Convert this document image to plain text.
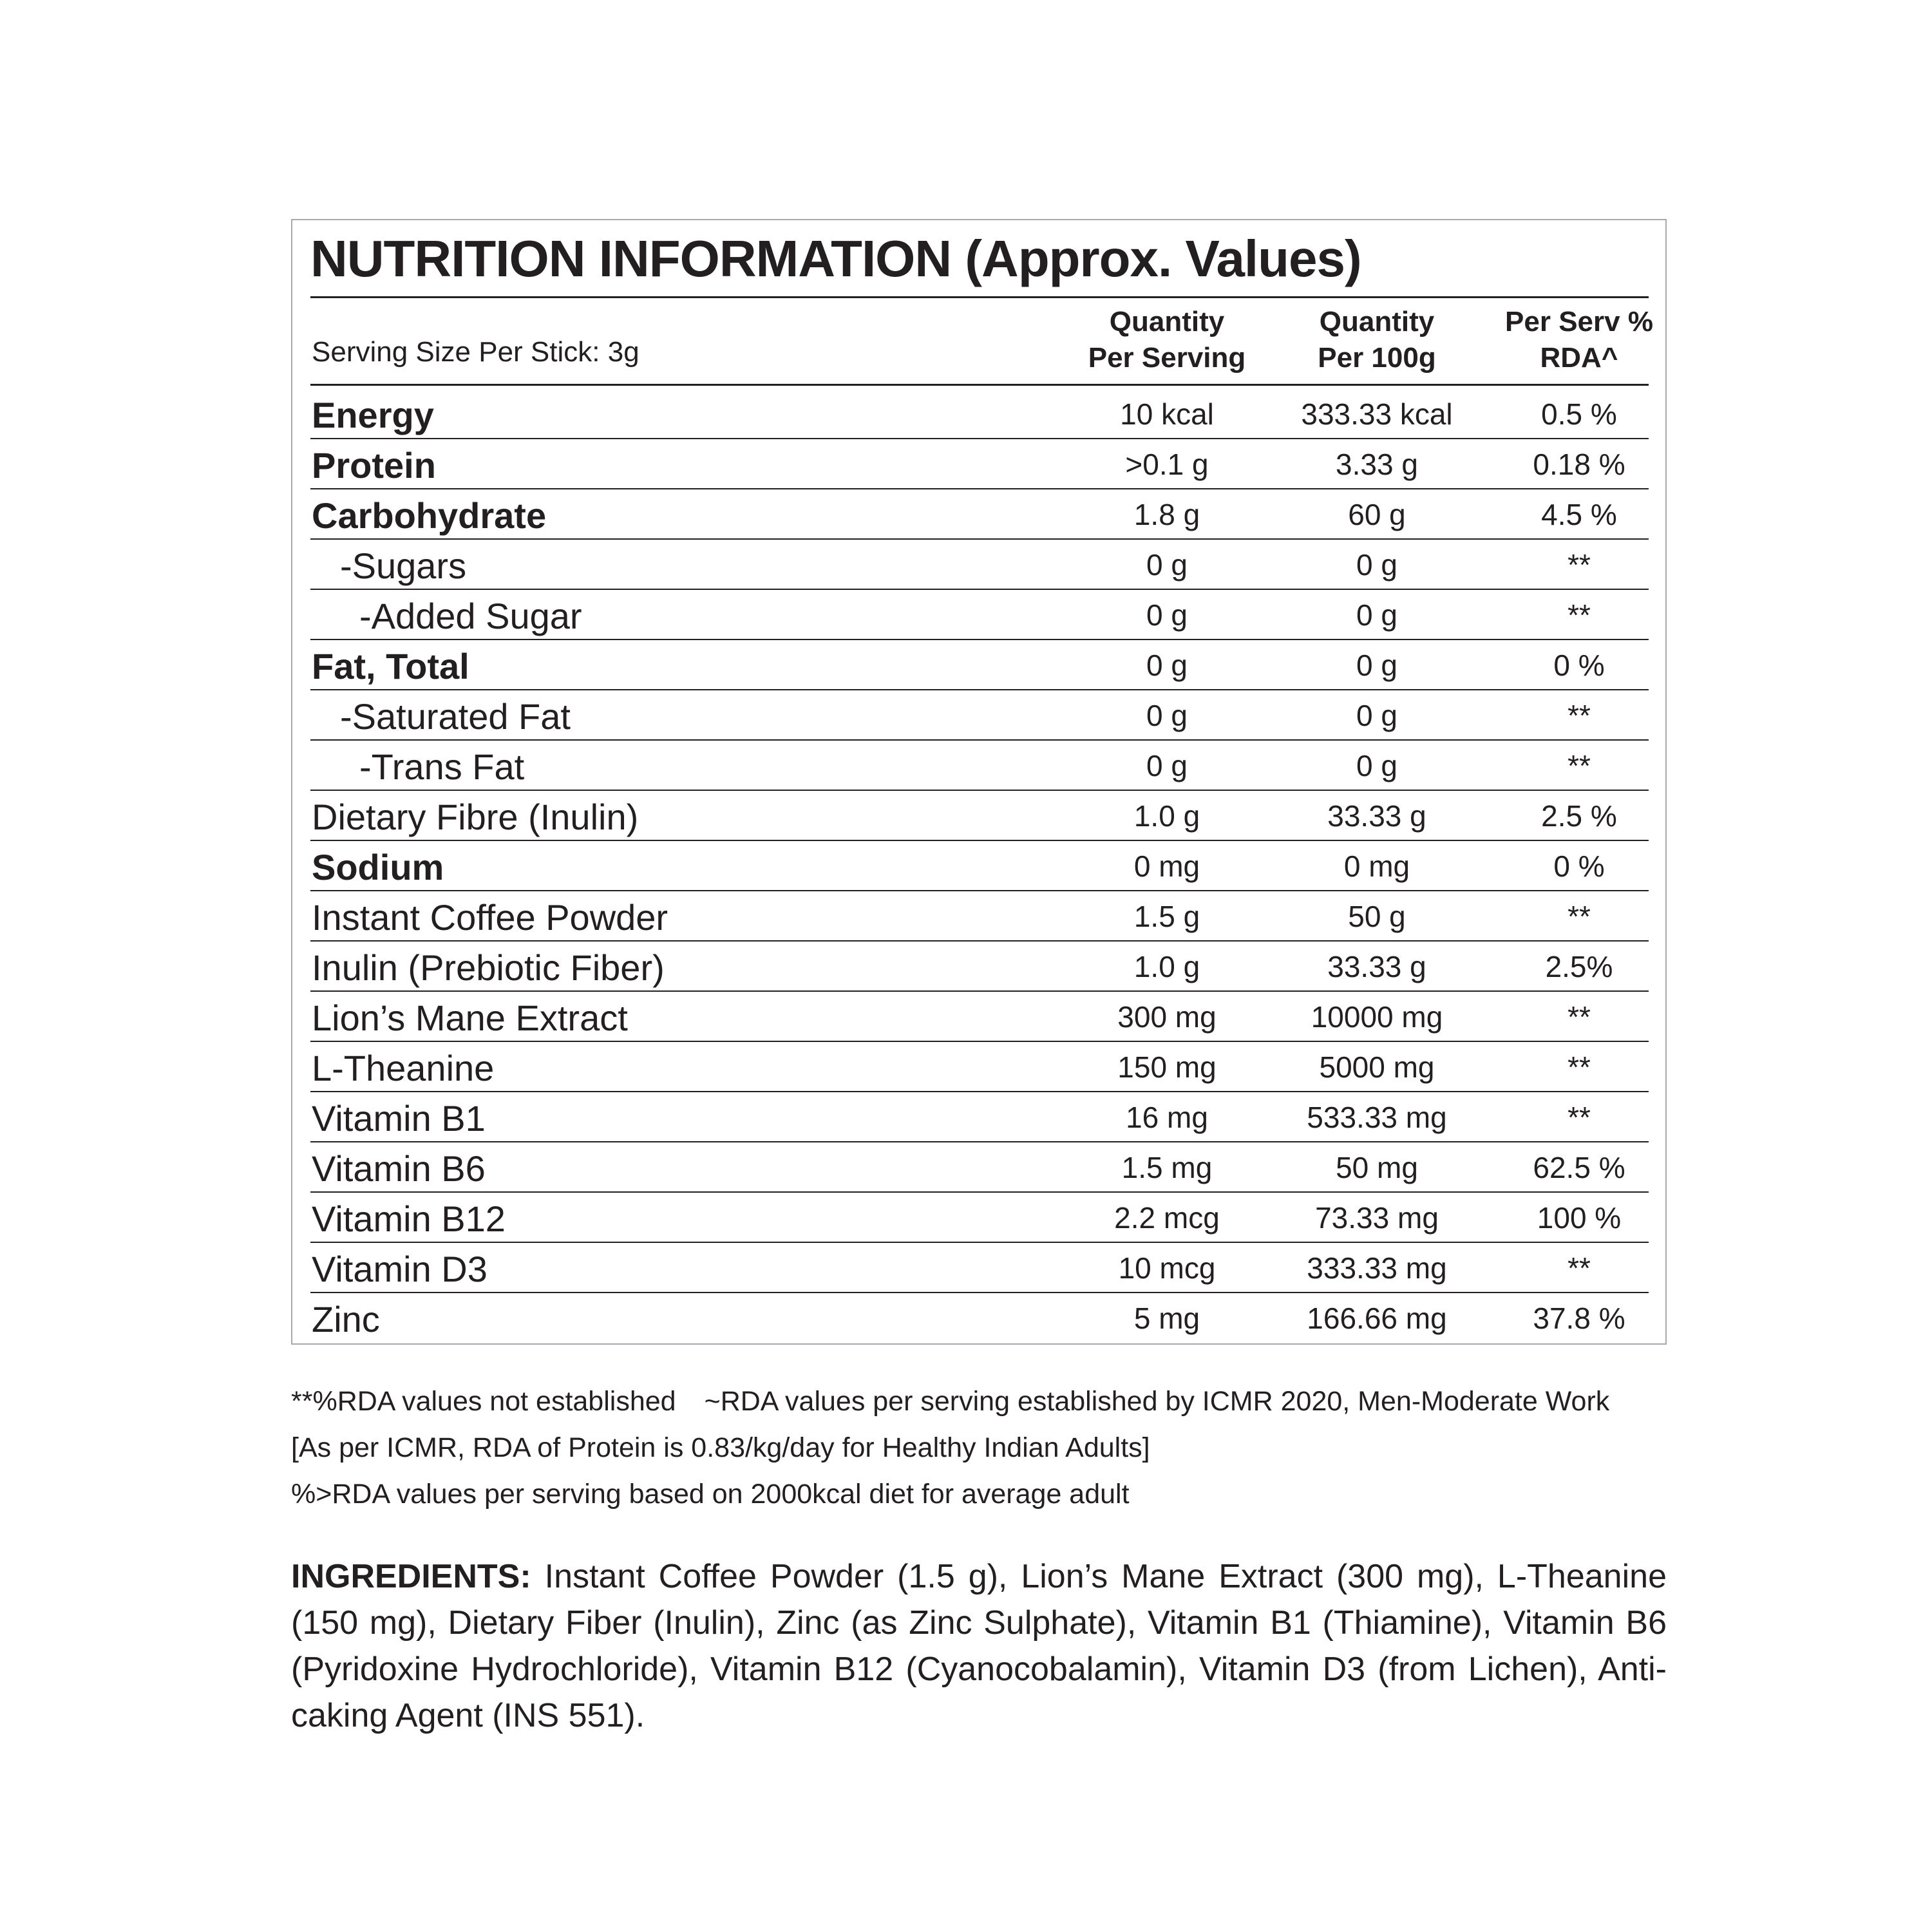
NUTRITION INFORMATION (Approx. Values)
Serving Size Per Stick: 3g
Quantity
Per Serving
Quantity
Per 100g
Per Serv %
RDA^
Energy	10 kcal	333.33 kcal	0.5 %
Protein	>0.1 g	3.33 g	0.18 %
Carbohydrate	1.8 g	60 g	4.5 %
-Sugars	0 g	0 g	**
-Added Sugar	0 g	0 g	**
Fat, Total	0 g	0 g	0 %
-Saturated Fat	0 g	0 g	**
-Trans Fat	0 g	0 g	**
Dietary Fibre (Inulin)	1.0 g	33.33 g	2.5 %
Sodium	0 mg	0 mg	0 %
Instant Coffee Powder	1.5 g	50 g	**
Inulin (Prebiotic Fiber)	1.0 g	33.33 g	2.5%
Lion’s Mane Extract	300 mg	10000 mg	**
L-Theanine	150 mg	5000 mg	**
Vitamin B1	16 mg	533.33 mg	**
Vitamin B6	1.5 mg	50 mg	62.5 %
Vitamin B12	2.2 mcg	73.33 mg	100 %
Vitamin D3	10 mcg	333.33 mg	**
Zinc	5 mg	166.66 mg	37.8 %
**%RDA values not established ~RDA values per serving established by ICMR 2020, Men-Moderate Work
[As per ICMR, RDA of Protein is 0.83/kg/day for Healthy Indian Adults]
%>RDA values per serving based on 2000kcal diet for average adult
INGREDIENTS: Instant Coffee Powder (1.5 g), Lion’s Mane Extract (300 mg), L-Theanine (150 mg), Dietary Fiber (Inulin), Zinc (as Zinc Sulphate), Vitamin B1 (Thiamine), Vitamin B6 (Pyridoxine Hydrochloride), Vitamin B12 (Cyanocobalamin), Vitamin D3 (from Lichen), Anti-caking Agent (INS 551).
